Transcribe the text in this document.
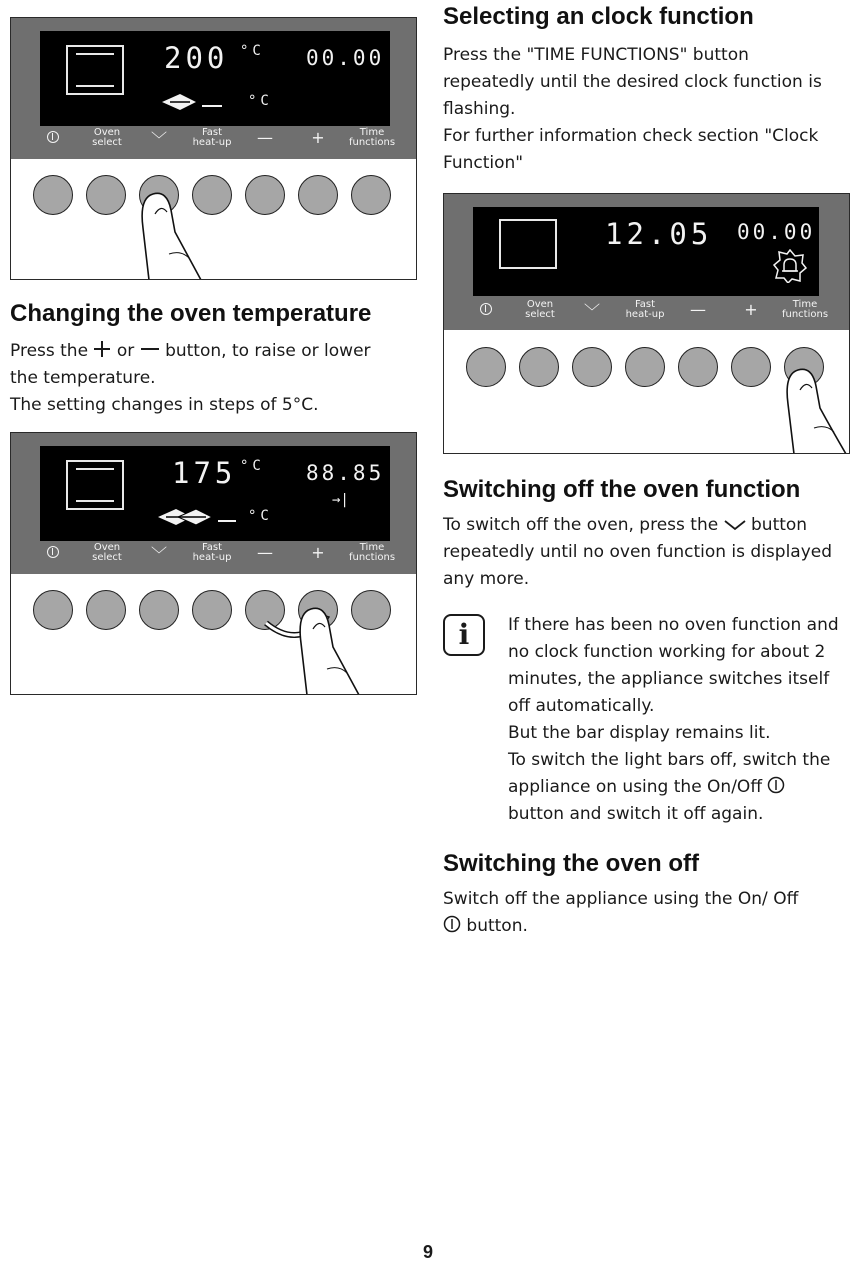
200 °C 00.00
°C
Oven
select ﹀	Fast
heat-up — +	Time
functions
175 °C 88.85
→|
°C
Oven
select ﹀	Fast
heat-up — +	Time
functions
12.05 00.00
Oven
select ﹀	Fast
heat-up — +	Time
functions
Selecting an clock function

Press the "TIME FUNCTIONS" button
repeatedly until the desired clock function is
flashing.
For further information check section "Clock
Function"

Changing the oven temperature

Press the or button, to raise or lower
the temperature.
The setting changes in steps of 5°C.

Switching off the oven function

To switch off the oven, press the button
repeatedly until no oven function is displayed
any more.

i	If there has been no oven function and
no clock function working for about 2
minutes, the appliance switches itself
off automatically.
But the bar display remains lit.
To switch the light bars off, switch the
appliance on using the On/Off
button and switch it off again.

Switching the oven off

Switch off the appliance using the On/ Off
button.

9
